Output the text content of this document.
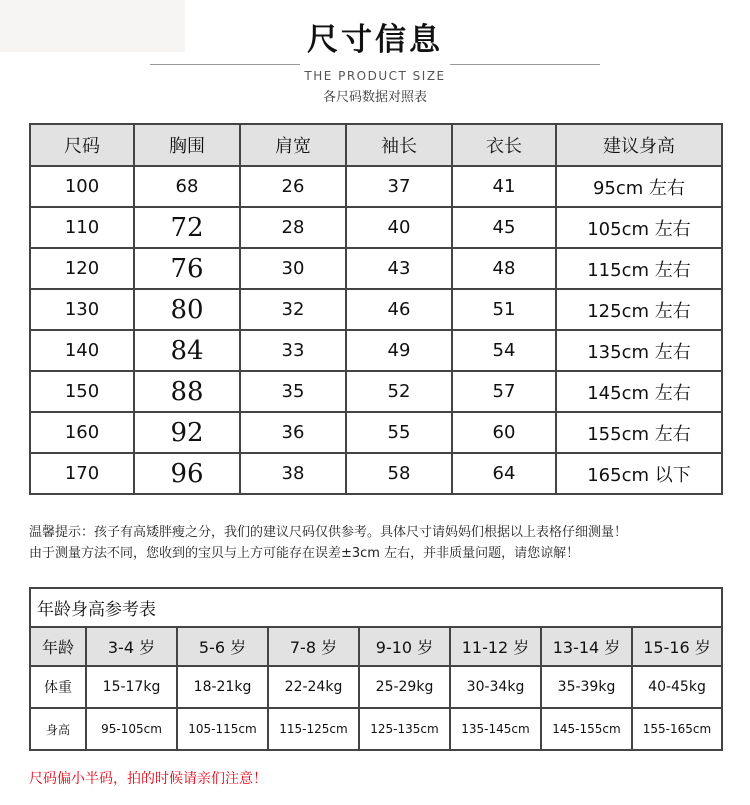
尺寸信息
THE PRODUCT SIZE
各尺码数据对照表
尺码	胸围	肩宽	袖长	衣长	建议身高
100	68	26	37	41	95cm 左右
110	72	28	40	45	105cm 左右
120	76	30	43	48	115cm 左右
130	80	32	46	51	125cm 左右
140	84	33	49	54	135cm 左右
150	88	35	52	57	145cm 左右
160	92	36	55	60	155cm 左右
170	96	38	58	64	165cm 以下
温馨提示：孩子有高矮胖瘦之分，我们的建议尺码仅供参考。具体尺寸请妈妈们根据以上表格仔细测量！
由于测量方法不同，您收到的宝贝与上方可能存在误差±3cm 左右，并非质量问题，请您谅解！
年龄身高参考表							
年龄	3-4 岁	5-6 岁	7-8 岁	9-10 岁	11-12 岁	13-14 岁	15-16 岁
体重	15-17kg	18-21kg	22-24kg	25-29kg	30-34kg	35-39kg	40-45kg
身高	95-105cm	105-115cm	115-125cm	125-135cm	135-145cm	145-155cm	155-165cm
尺码偏小半码，拍的时候请亲们注意！
